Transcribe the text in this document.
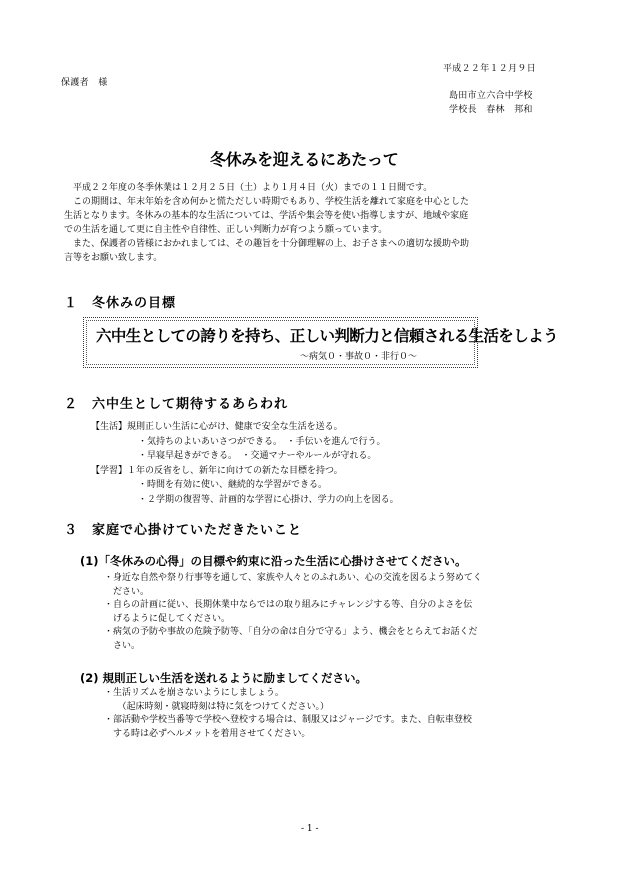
平成２２年１２月９日
保護者　様
島田市立六合中学校
学校長　春林　邦和
冬休みを迎えるにあたって
平成２２年度の冬季休業は１２月２５日（土）より１月４日（火）までの１１日間です。
この期間は、年末年始を含め何かと慌ただしい時期でもあり、学校生活を離れて家庭を中心とした
生活となります。冬休みの基本的な生活については、学活や集会等を使い指導しますが、地域や家庭
での生活を通して更に自主性や自律性、正しい判断力が育つよう願っています。
また、保護者の皆様におかれましては、その趣旨を十分御理解の上、お子さまへの適切な援助や助
言等をお願い致します。
１ 冬休みの目標
六中生としての誇りを持ち、正しい判断力と信頼される生活をしよう
～病気０・事故０・非行０～
２ 六中生として期待するあらわれ
【生活】規則正しい生活に心がけ、健康で安全な生活を送る。
・気持ちのよいあいさつができる。　・手伝いを進んで行う。
・早寝早起きができる。　・交通マナーやルールが守れる。
【学習】１年の反省をし、新年に向けての新たな目標を持つ。
・時間を有効に使い、継続的な学習ができる。
・２学期の復習等、計画的な学習に心掛け、学力の向上を図る。
３ 家庭で心掛けていただきたいこと
(1)「冬休みの心得」の目標や約束に沿った生活に心掛けさせてください。
・身近な自然や祭り行事等を通して、家族や人々とのふれあい、心の交流を図るよう努めてく
　ださい。
・自らの計画に従い、長期休業中ならではの取り組みにチャレンジする等、自分のよさを伝
　げるように促してください。
・病気の予防や事故の危険予防等、「自分の命は自分で守る」よう、機会をとらえてお話くだ
　さい。
(2) 規則正しい生活を送れるように励ましてください。
・生活リズムを崩さないようにしましょう。
　　（起床時刻・就寝時刻は特に気をつけてください。）
・部活動や学校当番等で学校へ登校する場合は、制服又はジャージです。また、自転車登校
　する時は必ずヘルメットを着用させてください。
- 1 -
